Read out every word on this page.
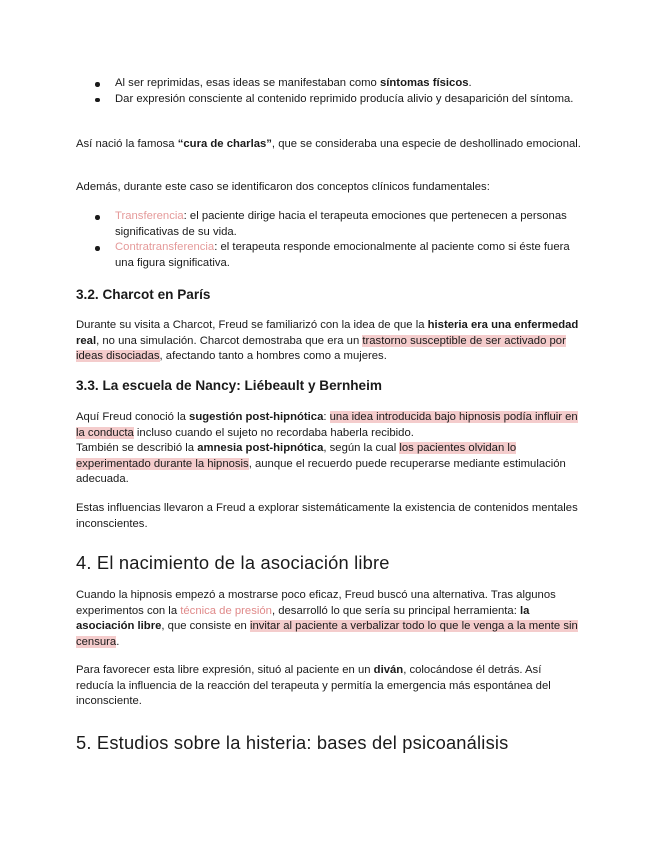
Al ser reprimidas, esas ideas se manifestaban como síntomas físicos.
Dar expresión consciente al contenido reprimido producía alivio y desaparición del síntoma.

Así nació la famosa “cura de charlas”, que se consideraba una especie de deshollinado emocional.

Además, durante este caso se identificaron dos conceptos clínicos fundamentales:

Transferencia: el paciente dirige hacia el terapeuta emociones que pertenecen a personas significativas de su vida.
Contratransferencia: el terapeuta responde emocionalmente al paciente como si éste fuera una figura significativa.
3.2. Charcot en París

Durante su visita a Charcot, Freud se familiarizó con la idea de que la histeria era una enfermedad real, no una simulación. Charcot demostraba que era un trastorno susceptible de ser activado por ideas disociadas, afectando tanto a hombres como a mujeres.

3.3. La escuela de Nancy: Liébeault y Bernheim

Aquí Freud conoció la sugestión post-hipnótica: una idea introducida bajo hipnosis podía influir en la conducta incluso cuando el sujeto no recordaba haberla recibido.
También se describió la amnesia post-hipnótica, según la cual los pacientes olvidan lo experimentado durante la hipnosis, aunque el recuerdo puede recuperarse mediante estimulación adecuada.

Estas influencias llevaron a Freud a explorar sistemáticamente la existencia de contenidos mentales inconscientes.

4. El nacimiento de la asociación libre

Cuando la hipnosis empezó a mostrarse poco eficaz, Freud buscó una alternativa. Tras algunos experimentos con la técnica de presión, desarrolló lo que sería su principal herramienta: la asociación libre, que consiste en invitar al paciente a verbalizar todo lo que le venga a la mente sin censura.

Para favorecer esta libre expresión, situó al paciente en un diván, colocándose él detrás. Así reducía la influencia de la reacción del terapeuta y permitía la emergencia más espontánea del inconsciente.

5. Estudios sobre la histeria: bases del psicoanálisis
